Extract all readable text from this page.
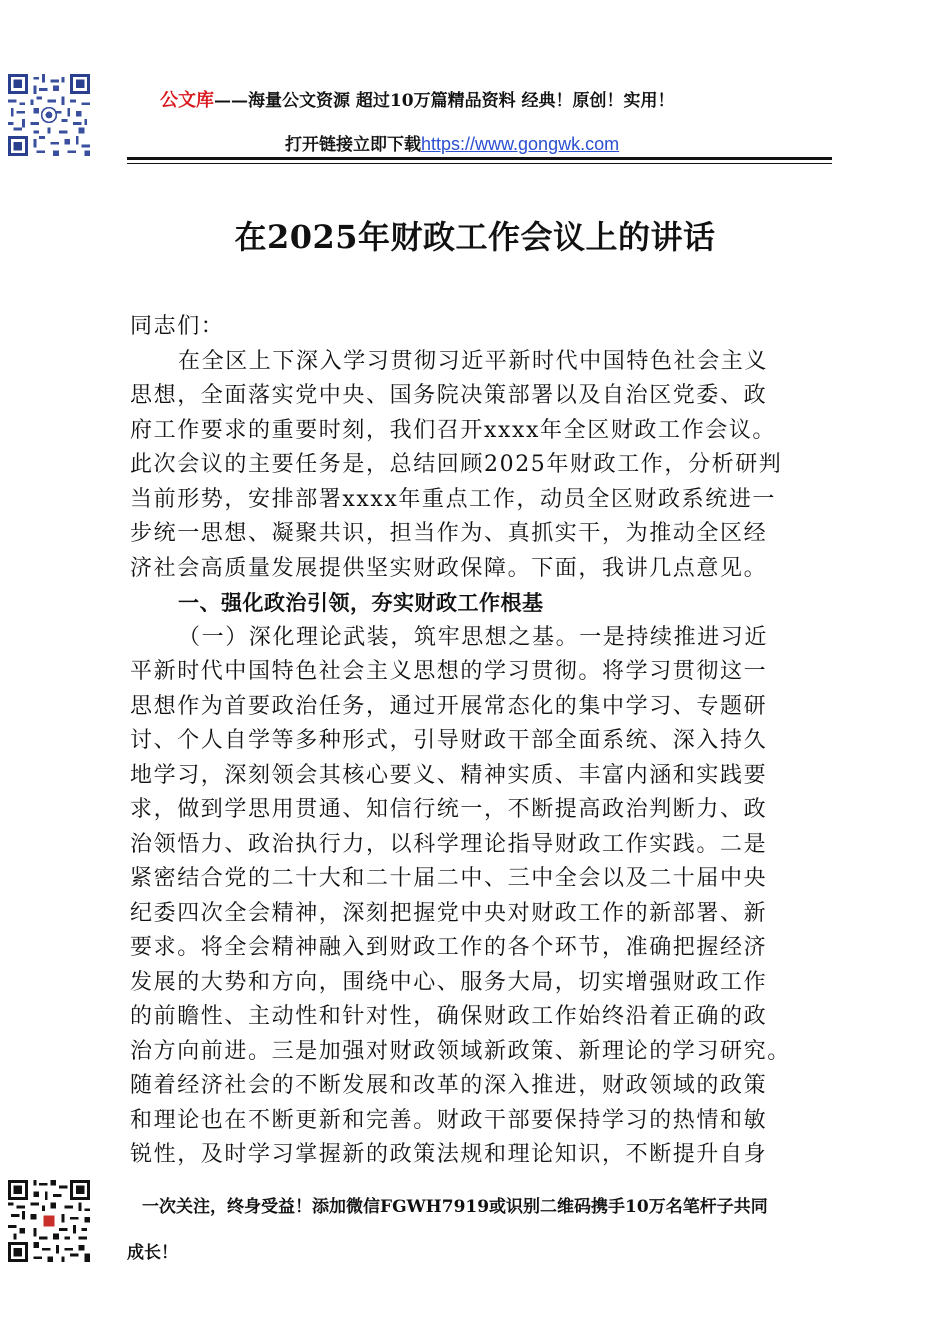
公文库——海量公文资源 超过10万篇精品资料 经典！原创！实用！
打开链接立即下载https://www.gongwk.com
在2025年财政工作会议上的讲话
同志们：
在全区上下深入学习贯彻习近平新时代中国特色社会主义
思想，全面落实党中央、国务院决策部署以及自治区党委、政
府工作要求的重要时刻，我们召开xxxx年全区财政工作会议。
此次会议的主要任务是，总结回顾2025年财政工作，分析研判
当前形势，安排部署xxxx年重点工作，动员全区财政系统进一
步统一思想、凝聚共识，担当作为、真抓实干，为推动全区经
济社会高质量发展提供坚实财政保障。下面，我讲几点意见。
一、强化政治引领，夯实财政工作根基
（一）深化理论武装，筑牢思想之基。一是持续推进习近
平新时代中国特色社会主义思想的学习贯彻。将学习贯彻这一
思想作为首要政治任务，通过开展常态化的集中学习、专题研
讨、个人自学等多种形式，引导财政干部全面系统、深入持久
地学习，深刻领会其核心要义、精神实质、丰富内涵和实践要
求，做到学思用贯通、知信行统一，不断提高政治判断力、政
治领悟力、政治执行力，以科学理论指导财政工作实践。二是
紧密结合党的二十大和二十届二中、三中全会以及二十届中央
纪委四次全会精神，深刻把握党中央对财政工作的新部署、新
要求。将全会精神融入到财政工作的各个环节，准确把握经济
发展的大势和方向，围绕中心、服务大局，切实增强财政工作
的前瞻性、主动性和针对性，确保财政工作始终沿着正确的政
治方向前进。三是加强对财政领域新政策、新理论的学习研究。
随着经济社会的不断发展和改革的深入推进，财政领域的政策
和理论也在不断更新和完善。财政干部要保持学习的热情和敏
锐性，及时学习掌握新的政策法规和理论知识，不断提升自身
一次关注，终身受益！添加微信FGWH7919或识别二维码携手10万名笔杆子共同
成长！
